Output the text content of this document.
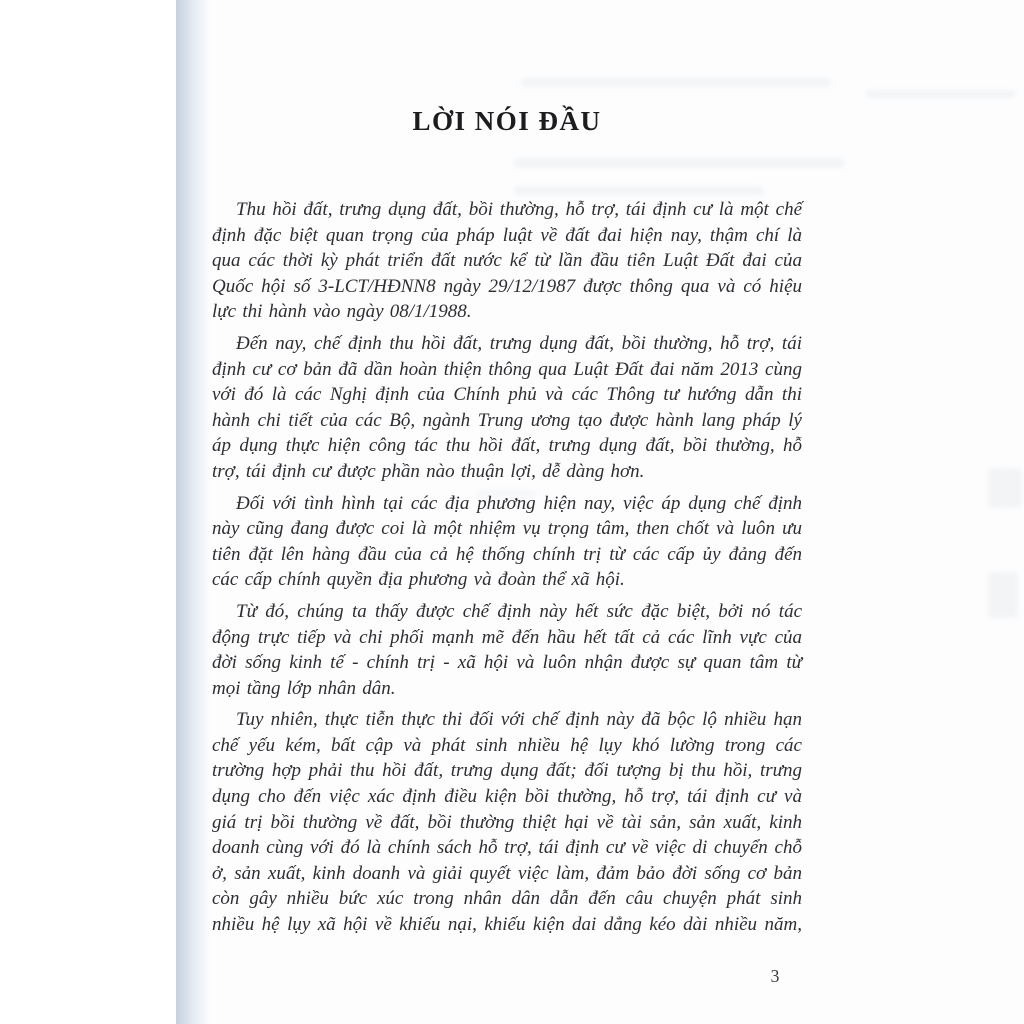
LỜI NÓI ĐẦU

Thu hồi đất, trưng dụng đất, bồi thường, hỗ trợ, tái định cư là một chế định đặc biệt quan trọng của pháp luật về đất đai hiện nay, thậm chí là qua các thời kỳ phát triển đất nước kể từ lần đầu tiên Luật Đất đai của Quốc hội số 3-LCT/HĐNN8 ngày 29/12/1987 được thông qua và có hiệu lực thi hành vào ngày 08/1/1988.

Đến nay, chế định thu hồi đất, trưng dụng đất, bồi thường, hỗ trợ, tái định cư cơ bản đã dần hoàn thiện thông qua Luật Đất đai năm 2013 cùng với đó là các Nghị định của Chính phủ và các Thông tư hướng dẫn thi hành chi tiết của các Bộ, ngành Trung ương tạo được hành lang pháp lý áp dụng thực hiện công tác thu hồi đất, trưng dụng đất, bồi thường, hỗ trợ, tái định cư được phần nào thuận lợi, dễ dàng hơn.

Đối với tình hình tại các địa phương hiện nay, việc áp dụng chế định này cũng đang được coi là một nhiệm vụ trọng tâm, then chốt và luôn ưu tiên đặt lên hàng đầu của cả hệ thống chính trị từ các cấp ủy đảng đến các cấp chính quyền địa phương và đoàn thể xã hội.

Từ đó, chúng ta thấy được chế định này hết sức đặc biệt, bởi nó tác động trực tiếp và chi phối mạnh mẽ đến hầu hết tất cả các lĩnh vực của đời sống kinh tế - chính trị - xã hội và luôn nhận được sự quan tâm từ mọi tầng lớp nhân dân.

Tuy nhiên, thực tiễn thực thi đối với chế định này đã bộc lộ nhiều hạn chế yếu kém, bất cập và phát sinh nhiều hệ lụy khó lường trong các trường hợp phải thu hồi đất, trưng dụng đất; đối tượng bị thu hồi, trưng dụng cho đến việc xác định điều kiện bồi thường, hỗ trợ, tái định cư và giá trị bồi thường về đất, bồi thường thiệt hại về tài sản, sản xuất, kinh doanh cùng với đó là chính sách hỗ trợ, tái định cư về việc di chuyển chỗ ở, sản xuất, kinh doanh và giải quyết việc làm, đảm bảo đời sống cơ bản còn gây nhiều bức xúc trong nhân dân dẫn đến câu chuyện phát sinh nhiều hệ lụy xã hội về khiếu nại, khiếu kiện dai dẳng kéo dài nhiều năm,

3
